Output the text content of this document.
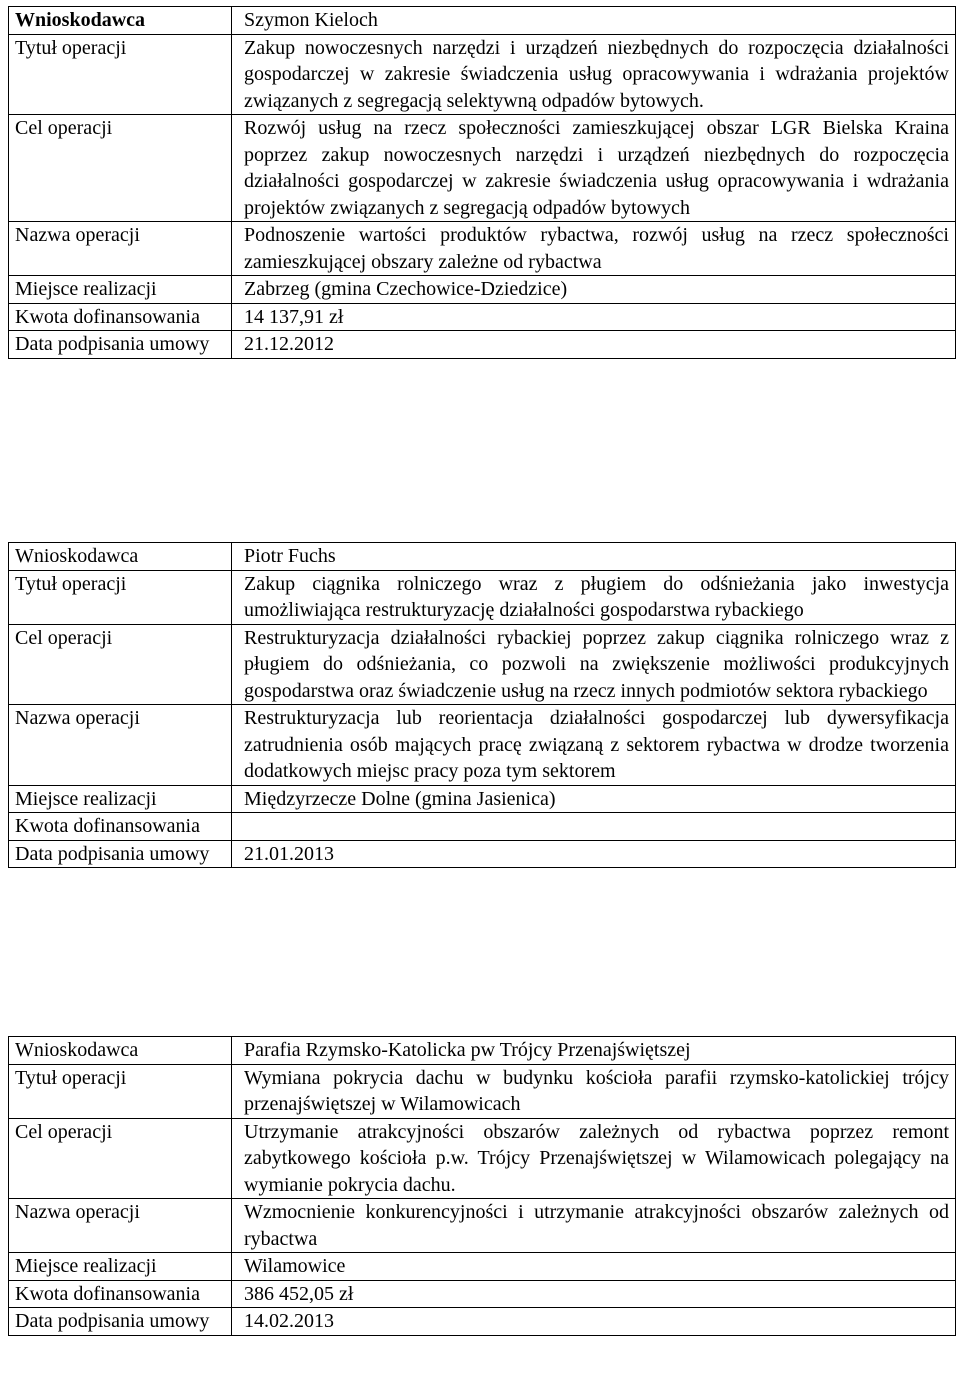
Wnioskodawca	Szymon Kieloch
Tytuł operacji	Zakup nowoczesnych narzędzi i urządzeń niezbędnych do rozpoczęcia działalności gospodarczej w zakresie świadczenia usług opracowywania i wdrażania projektów związanych z segregacją selektywną odpadów bytowych.
Cel operacji	Rozwój usług na rzecz społeczności zamieszkującej obszar LGR Bielska Kraina poprzez zakup nowoczesnych narzędzi i urządzeń niezbędnych do rozpoczęcia działalności gospodarczej w zakresie świadczenia usług opracowywania i wdrażania projektów związanych z segregacją odpadów bytowych
Nazwa operacji	Podnoszenie wartości produktów rybactwa, rozwój usług na rzecz społeczności zamieszkującej obszary zależne od rybactwa
Miejsce realizacji	Zabrzeg (gmina Czechowice-Dziedzice)
Kwota dofinansowania	14 137,91 zł
Data podpisania umowy	21.12.2012
Wnioskodawca	Piotr Fuchs
Tytuł operacji	Zakup ciągnika rolniczego wraz z pługiem do odśnieżania jako inwestycja umożliwiająca restrukturyzację działalności gospodarstwa rybackiego
Cel operacji	Restrukturyzacja działalności rybackiej poprzez zakup ciągnika rolniczego wraz z pługiem do odśnieżania, co pozwoli na zwiększenie możliwości produkcyjnych gospodarstwa oraz świadczenie usług na rzecz innych podmiotów sektora rybackiego
Nazwa operacji	Restrukturyzacja lub reorientacja działalności gospodarczej lub dywersyfikacja zatrudnienia osób mających pracę związaną z sektorem rybactwa w drodze tworzenia dodatkowych miejsc pracy poza tym sektorem
Miejsce realizacji	Międzyrzecze Dolne (gmina Jasienica)
Kwota dofinansowania	
Data podpisania umowy	21.01.2013
Wnioskodawca	Parafia Rzymsko-Katolicka pw Trójcy Przenajświętszej
Tytuł operacji	Wymiana pokrycia dachu w budynku kościoła parafii rzymsko-katolickiej trójcy przenajświętszej w Wilamowicach
Cel operacji	Utrzymanie atrakcyjności obszarów zależnych od rybactwa poprzez remont zabytkowego kościoła p.w. Trójcy Przenajświętszej w Wilamowicach polegający na wymianie pokrycia dachu.
Nazwa operacji	Wzmocnienie konkurencyjności i utrzymanie atrakcyjności obszarów zależnych od rybactwa
Miejsce realizacji	Wilamowice
Kwota dofinansowania	386 452,05 zł
Data podpisania umowy	14.02.2013
